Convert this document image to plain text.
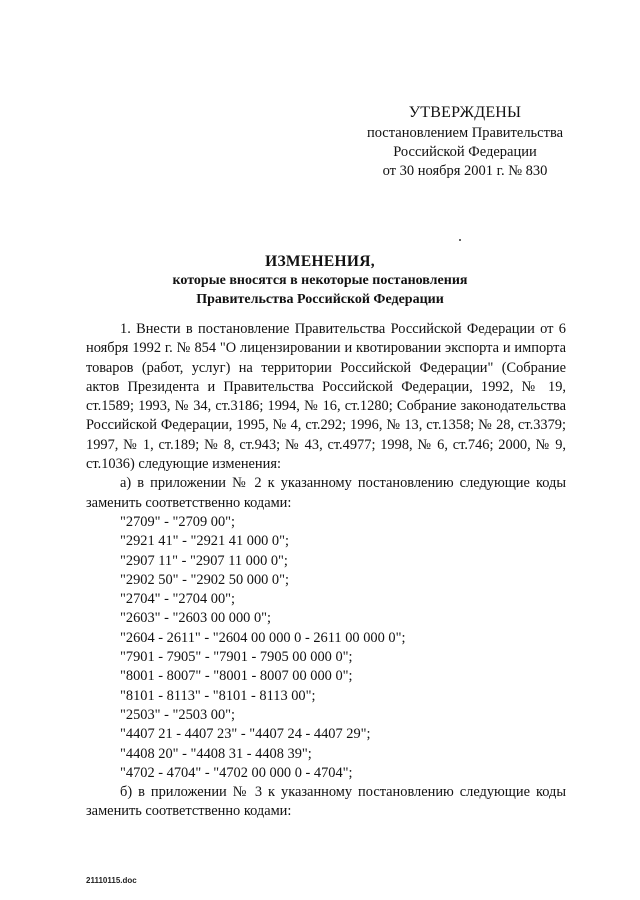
УТВЕРЖДЕНЫ
постановлением Правительства
Российской Федерации
от 30 ноября 2001 г. № 830
ИЗМЕНЕНИЯ,
которые вносятся в некоторые постановления
Правительства Российской Федерации

1. Внести в постановление Правительства Российской Федерации от 6 ноября 1992 г. № 854 "О лицензировании и квотировании экспорта и импорта товаров (работ, услуг) на территории Российской Федерации" (Собрание актов Президента и Правительства Российской Федерации, 1992, № 19, ст.1589; 1993, № 34, ст.3186; 1994, № 16, ст.1280; Собрание законодательства Российской Федерации, 1995, № 4, ст.292; 1996, № 13, ст.1358; № 28, ст.3379; 1997, № 1, ст.189; № 8, ст.943; № 43, ст.4977; 1998, № 6, ст.746; 2000, № 9, ст.1036) следующие изменения:

а) в приложении № 2 к указанному постановлению следующие коды заменить соответственно кодами:

"2709" - "2709 00";
"2921 41" - "2921 41 000 0";
"2907 11" - "2907 11 000 0";
"2902 50" - "2902 50 000 0";
"2704" - "2704 00";
"2603" - "2603 00 000 0";
"2604 - 2611" - "2604 00 000 0 - 2611 00 000 0";
"7901 - 7905" - "7901 - 7905 00 000 0";
"8001 - 8007" - "8001 - 8007 00 000 0";
"8101 - 8113" - "8101 - 8113 00";
"2503" - "2503 00";
"4407 21 - 4407 23" - "4407 24 - 4407 29";
"4408 20" - "4408 31 - 4408 39";
"4702 - 4704" - "4702 00 000 0 - 4704";

б) в приложении № 3 к указанному постановлению следующие коды заменить соответственно кодами:

21110115.doc
